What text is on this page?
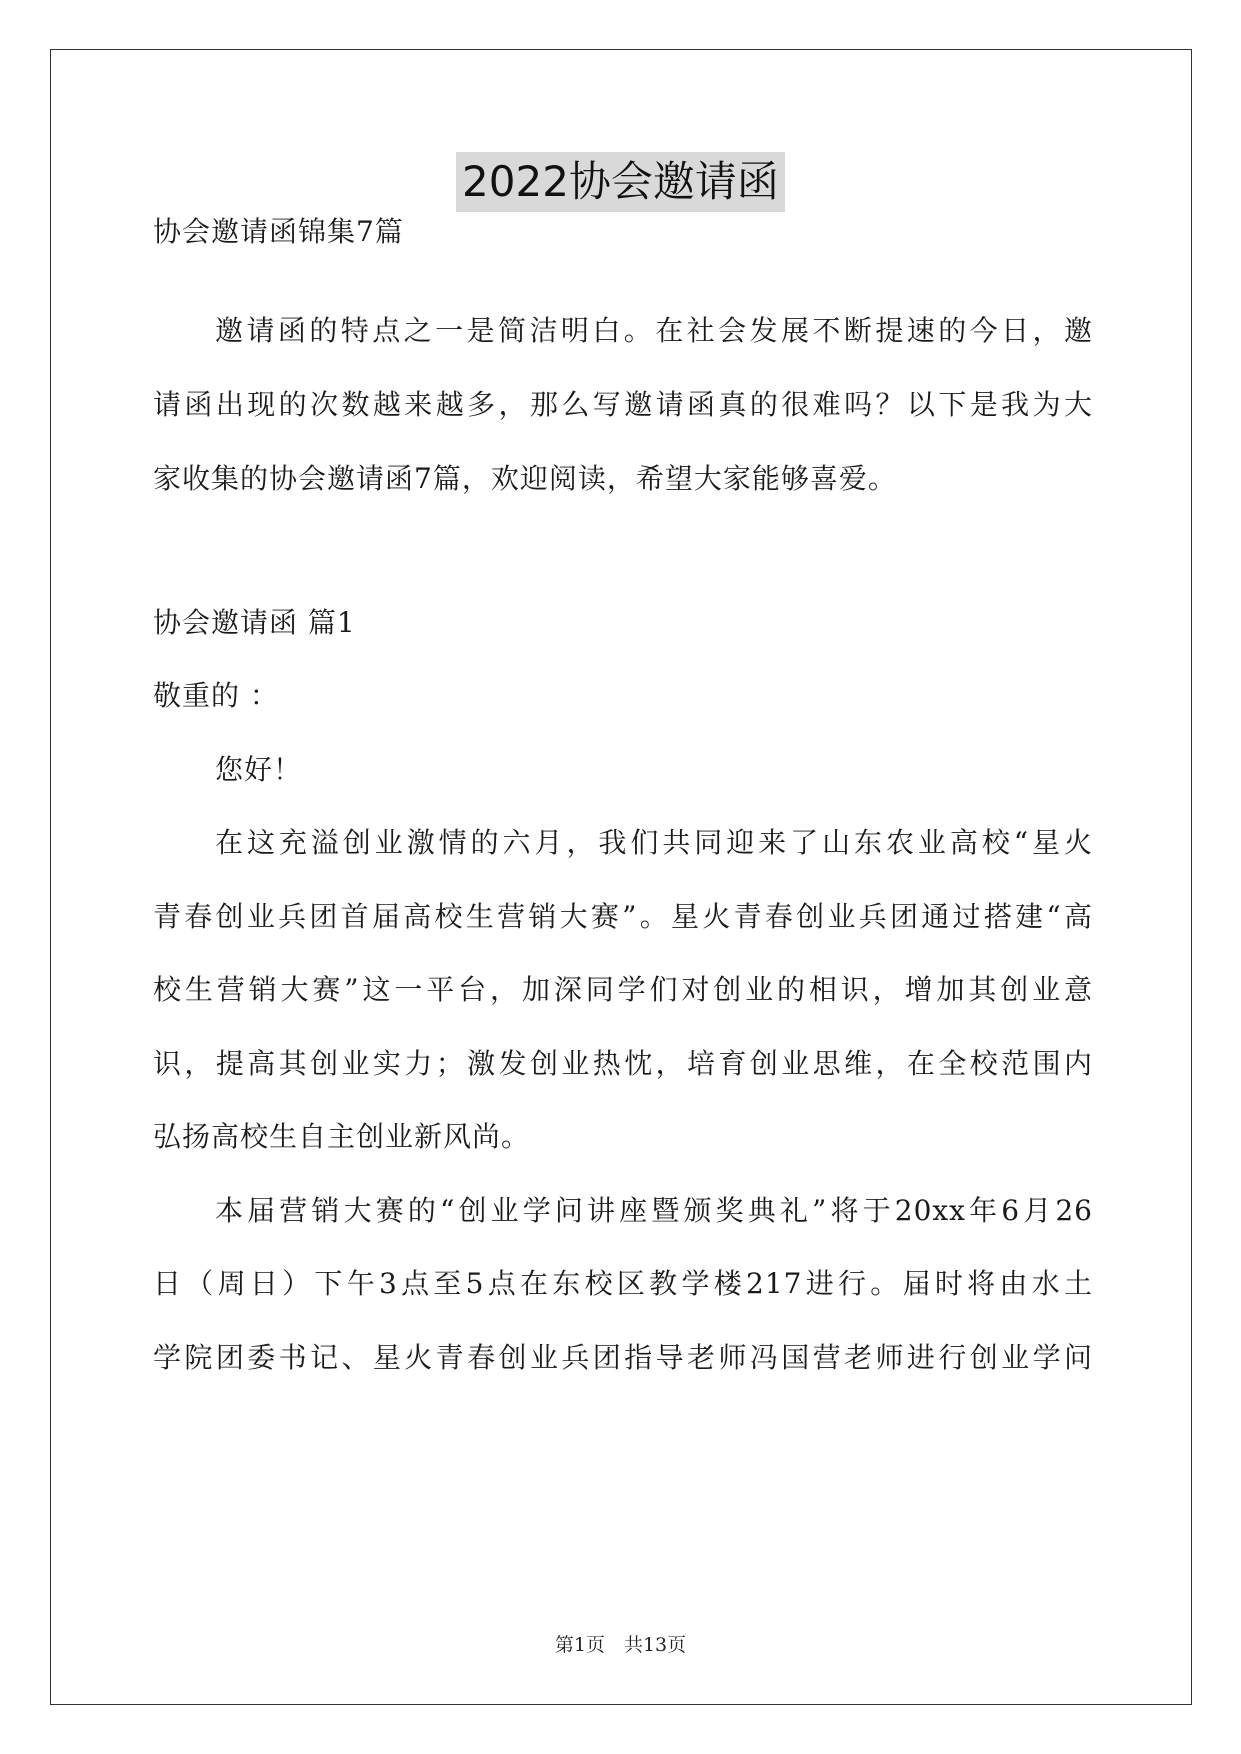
2022协会邀请函
协会邀请函锦集7篇
邀请函的特点之一是简洁明白。在社会发展不断提速的今日，邀
请函出现的次数越来越多，那么写邀请函真的很难吗？以下是我为大
家收集的协会邀请函7篇，欢迎阅读，希望大家能够喜爱。
协会邀请函 篇1
敬重的 ：
您好！
在这充溢创业激情的六月，我们共同迎来了山东农业高校“星火
青春创业兵团首届高校生营销大赛”。星火青春创业兵团通过搭建“高
校生营销大赛”这一平台，加深同学们对创业的相识，增加其创业意
识，提高其创业实力；激发创业热忱，培育创业思维，在全校范围内
弘扬高校生自主创业新风尚。
本届营销大赛的“创业学问讲座暨颁奖典礼”将于20xx年6月26
日（周日）下午3点至5点在东校区教学楼217进行。届时将由水土
学院团委书记、星火青春创业兵团指导老师冯国营老师进行创业学问
第1页　共13页
